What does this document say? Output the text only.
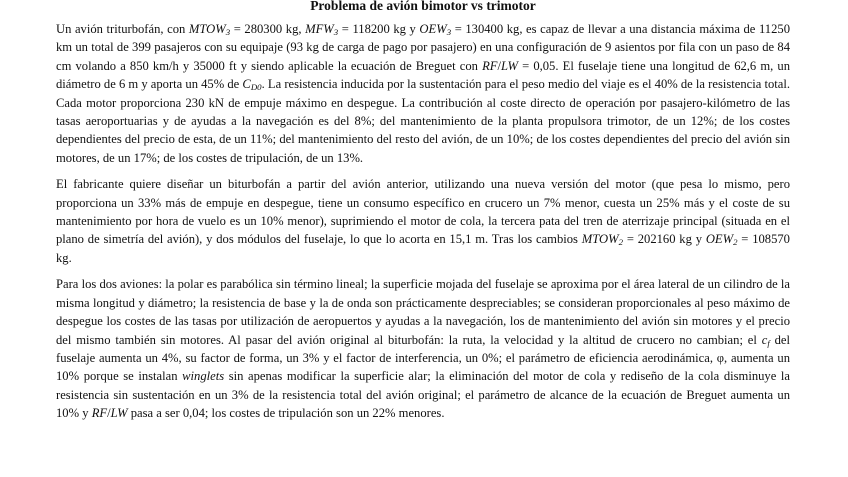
Problema de avión bimotor vs trimotor

Un avión triturbofán, con $MTOW_3 = 280300$ kg, $MFW_3 = 118200$ kg y $OEW_3 = 130400$ kg, es capaz de llevar a una distancia máxima de 11250 km un total de 399 pasajeros con su equipaje (93 kg de carga de pago por pasajero) en una configuración de 9 asientos por fila con un paso de 84 cm volando a 850 km/h y 35000 ft y siendo aplicable la ecuación de Breguet con RF/LW = 0,05. El fuselaje tiene una longitud de 62,6 m, un diámetro de 6 m y aporta un 45% de $C_{D0}$. La resistencia inducida por la sustentación para el peso medio del viaje es el 40% de la resistencia total. Cada motor proporciona 230 kN de empuje máximo en despegue. La contribución al coste directo de operación por pasajero-kilómetro de las tasas aeroportuarias y de ayudas a la navegación es del 8%; del mantenimiento de la planta propulsora trimotor, de un 12%; de los costes dependientes del precio de esta, de un 11%; del mantenimiento del resto del avión, de un 10%; de los costes dependientes del precio del avión sin motores, de un 17%; de los costes de tripulación, de un 13%.

El fabricante quiere diseñar un biturbofán a partir del avión anterior, utilizando una nueva versión del motor (que pesa lo mismo, pero proporciona un 33% más de empuje en despegue, tiene un consumo específico en crucero un 7% menor, cuesta un 25% más y el coste de su mantenimiento por hora de vuelo es un 10% menor), suprimiendo el motor de cola, la tercera pata del tren de aterrizaje principal (situada en el plano de simetría del avión), y dos módulos del fuselaje, lo que lo acorta en 15,1 m. Tras los cambios $MTOW_2 = 202160$ kg y $OEW_2 = 108570$ kg.

Para los dos aviones: la polar es parabólica sin término lineal; la superficie mojada del fuselaje se aproxima por el área lateral de un cilindro de la misma longitud y diámetro; la resistencia de base y la de onda son prácticamente despreciables; se consideran proporcionales al peso máximo de despegue los costes de las tasas por utilización de aeropuertos y ayudas a la navegación, los de mantenimiento del avión sin motores y el precio del mismo también sin motores. Al pasar del avión original al biturbofán: la ruta, la velocidad y la altitud de crucero no cambian; el $c_f$ del fuselaje aumenta un 4%, su factor de forma, un 3% y el factor de interferencia, un 0%; el parámetro de eficiencia aerodinámica, φ, aumenta un 10% porque se instalan winglets sin apenas modificar la superficie alar; la eliminación del motor de cola y rediseño de la cola disminuye la resistencia sin sustentación en un 3% de la resistencia total del avión original; el parámetro de alcance de la ecuación de Breguet aumenta un 10% y RF/LW pasa a ser 0,04; los costes de tripulación son un 22% menores.
